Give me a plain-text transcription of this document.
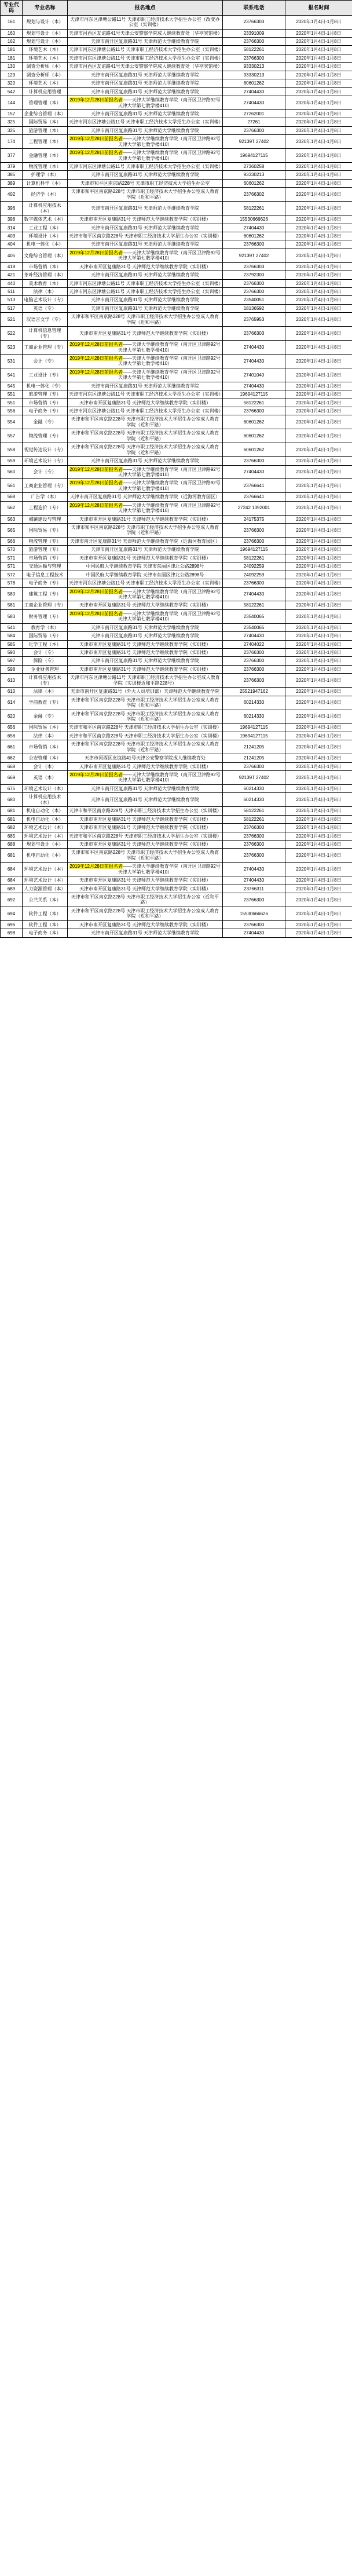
专业代码	专业名称	报名地点	联系电话	报名时间
161	规划与设计（本）	天津市河东区津塘公路11号 天津市职工经济技术大学招生办公室（改变办公室（实训楼）	23766303	2020年1月4日-1月8日
160	规划与设计（本）	天津市河西区友谊路41号天津公安警察学院成人继续教育处（华亭宾馆楼）	23391009	2020年1月4日-1月8日
162	规划与设计（本）	天津市南开区复康路31号 天津师范大学继续教育学院	23766300	2020年1月4日-1月8日
181	环境艺术（本）	天津市河东区津塘公路11号 天津市职工经济技术大学招生办公室（实训楼）	58122261	2020年1月4日-1月8日
181	环境艺术（本）	天津市河东区津塘公路11号 天津市职工经济技术大学招生办公室（实训楼）	23766300	2020年1月4日-1月8日
130	调查分析师（本）	天津市河西区友谊路41号天津公安警察学院成人继续教育处（华亭宾馆楼）	93330213	2020年1月4日-1月8日
129	调查分析师（本）	天津市南开区复康路31号 天津师范大学继续教育学院	93330213	2020年1月4日-1月8日
320	环境艺术（本）	天津市南开区复康路31号 天津师范大学继续教育学院	60601262	2020年1月4日-1月8日
542	计算机应用管理	天津市南开区复康路31号 天津师范大学继续教育学院	27404430	2020年1月4日-1月8日
144	管理管理（本）	2019年12月28日前报名者——天津大学继续教育学院（南开区卫津路92号天津大学第七教学楼410）	27404430	2020年1月4日-1月8日
157	企业综合管理（本）	天津市南开区复康路31号 天津师范大学继续教育学院	27262001	2020年1月4日-1月8日
325	国际贸易（本）	天津市河东区津塘公路11号 天津市职工经济技术大学招生办公室（实训楼）	27261	2020年1月4日-1月8日
325	旅游管理（本）	天津市南开区复康路31号 天津师范大学继续教育学院	23766300	2020年1月4日-1月8日
174	工程管理（本）	2019年12月28日前报名者——天津大学继续教育学院（南开区卫津路92号天津大学第七教学楼410）	92139T 27402	2020年1月4日-1月8日
377	金融管理（本）	2019年12月28日前报名者——天津大学继续教育学院（南开区卫津路92号天津大学第七教学楼410）	19694127115	2020年1月4日-1月8日
379	物流管理（本）	天津市河东区津塘公路11号 天津市职工经济技术大学招生办公室（实训楼）	27360258	2020年1月4日-1月8日
385	护理学（本）	天津市南开区复康路31号 天津师范大学继续教育学院	93330213	2020年1月4日-1月8日
389	计算机科学（本）	天津市和平区南京路228号 天津市职工经济技术大学招生办公室	60601262	2020年1月4日-1月8日
402	经济学（本）	天津市和平区南京路228号 天津市职工经济技术大学招生办公室成人教育学院（近和平路）	23766302	2020年1月4日-1月8日
396	计算机应用技术（本）	天津市南开区复康路31号 天津师范大学继续教育学院	58122261	2020年1月4日-1月8日
398	数字媒体艺术（本）	天津市南开区复康路31号 天津师范大学继续教育学院（实训楼）	15530666626	2020年1月4日-1月8日
314	工业工程（本）	天津市南开区复康路31号 天津师范大学继续教育学院	27404430	2020年1月4日-1月8日
403	环境设计（本）	天津市和平区南京路228号 天津市职工经济技术大学招生办公室（实训楼）	60601262	2020年1月4日-1月8日
404	机电一体化（本）	天津市南开区复康路31号 天津师范大学继续教育学院	23766300	2020年1月4日-1月8日
405	文秘综合管理（本）	2019年12月28日前报名者——天津大学继续教育学院（南开区卫津路92号天津大学第七教学楼410）	92139T 27402	2020年1月4日-1月8日
418	市场营销（本）	天津市南开区复康路31号 天津师范大学继续教育学院（实训楼）	23766303	2020年1月4日-1月8日
421	茶叶经济管理（本）	天津市南开区复康路31号 天津师范大学继续教育学院	23792300	2020年1月4日-1月8日
440	美术教育（本）	天津市河东区津塘公路11号 天津市职工经济技术大学招生办公室（实训楼）	23766300	2020年1月4日-1月8日
511	法律（本）	天津市河东区津塘公路11号 天津市职工经济技术大学招生办公室（实训楼）	23766300	2020年1月4日-1月8日
513	电脑艺术设计（专）	天津市南开区复康路31号 天津师范大学继续教育学院	23540051	2020年1月4日-1月8日
517	英语（专）	天津市南开区复康路31号 天津师范大学继续教育学院	18136592	2020年1月4日-1月8日
521	汉语言文学（专）	天津市和平区南京路228号 天津市职工经济技术大学招生办公室成人教育学院（近和平路）	23765953	2020年1月4日-1月8日
522	计算机信息管理（专）	天津市南开区复康路31号 天津师范大学继续教育学院（实训楼）	23766303	2020年1月4日-1月8日
523	工商企业管理（专）	2019年12月28日前报名者——天津大学继续教育学院（南开区卫津路92号天津大学第七教学楼410）	27404430	2020年1月4日-1月8日
531	会计（专）	2019年12月28日前报名者——天津大学继续教育学院（南开区卫津路92号天津大学第七教学楼410）	27404430	2020年1月4日-1月8日
541	工业设计（专）	2019年12月28日前报名者——天津大学继续教育学院（南开区卫津路92号天津大学第七教学楼410）	27401040	2020年1月4日-1月8日
545	机电一体化（专）	天津市南开区复康路31号 天津师范大学继续教育学院	27404430	2020年1月4日-1月8日
551	旅游管理（专）	天津市河东区津塘公路11号 天津市职工经济技术大学招生办公室（实训楼）	19694127115	2020年1月4日-1月8日
551	市场营销（专）	天津市南开区复康路31号 天津师范大学继续教育学院（实训楼）	58122261	2020年1月4日-1月8日
556	电子商务（专）	天津市河东区津塘公路11号 天津市职工经济技术大学招生办公室（实训楼）	23766300	2020年1月4日-1月8日
554	金融（专）	天津市和平区南京路228号 天津市职工经济技术大学招生办公室成人教育学院（近和平路）	60601262	2020年1月4日-1月8日
557	物流管理（专）	天津市和平区南京路228号 天津市职工经济技术大学招生办公室成人教育学院（近和平路）	60601262	2020年1月4日-1月8日
558	视觉传达设计（专）	天津市和平区南京路228号 天津市职工经济技术大学招生办公室成人教育学院（近和平路）	60601262	2020年1月4日-1月8日
559	环境艺术设计（专）	天津市南开区复康路31号 天津师范大学继续教育学院	23766300	2020年1月4日-1月8日
560	会计（专）	2019年12月28日前报名者——天津大学继续教育学院（南开区卫津路92号天津大学第七教学楼410）	27404430	2020年1月4日-1月8日
561	工商企业管理（专）	2019年12月28日前报名者——天津大学继续教育学院（南开区卫津路92号天津大学第七教学楼410）	23766641	2020年1月4日-1月8日
568	广告学（本）	天津市南开区复康路31号 天津师范大学继续教育学院（近海河教育园区）	23766641	2020年1月4日-1月8日
562	工程造价（专）	2019年12月28日前报名者——天津大学继续教育学院（南开区卫津路92号天津大学第七教学楼410）	27242 1392001	2020年1月4日-1月8日
563	城镇建设与管理	天津市南开区复康路31号 天津师范大学继续教育学院（实训楼）	24175375	2020年1月4日-1月8日
565	国际贸易（专）	天津市和平区南京路228号 天津市职工经济技术大学招生办公室成人教育学院（近和平路）	23766300	2020年1月4日-1月8日
566	物流管理（专）	天津市南开区复康路31号 天津师范大学继续教育学院（近海河教育园区）	23766300	2020年1月4日-1月8日
570	旅游管理（专）	天津市南开区复康路31号 天津师范大学继续教育学院	19694127115	2020年1月4日-1月8日
571	市场营销（专）	天津市南开区复康路31号 天津师范大学继续教育学院（实训楼）	58122261	2020年1月4日-1月8日
571	交通运输与管理	中国民航大学继续教育学院 天津市东丽区津北公路2898号	24092259	2020年1月4日-1月8日
572	电子信息工程技术	中国民航大学继续教育学院 天津市东丽区津北公路2898号	24092259	2020年1月4日-1月8日
578	电子商务（专）	天津市河东区津塘公路11号 天津市职工经济技术大学招生办公室（实训楼）	23766300	2020年1月4日-1月8日
580	建筑工程（专）	2019年12月28日前报名者——天津大学继续教育学院（南开区卫津路92号天津大学第七教学楼410）	27404430	2020年1月4日-1月8日
581	工商企业管理（专）	天津市南开区复康路31号 天津师范大学继续教育学院（实训楼）	58122261	2020年1月4日-1月8日
583	财务管理（专）	2019年12月28日前报名者——天津大学继续教育学院（南开区卫津路92号天津大学第七教学楼410）	23540065	2020年1月4日-1月8日
541	教育学（本）	天津市南开区复康路31号 天津师范大学继续教育学院	23540065	2020年1月4日-1月8日
584	国际贸易（专）	天津市南开区复康路31号 天津师范大学继续教育学院	27404430	2020年1月4日-1月8日
585	化学工程（本）	天津市南开区复康路31号 天津师范大学继续教育学院（实训楼）	27404022	2020年1月4日-1月8日
590	会计（专）	天津市南开区复康路31号 天津师范大学继续教育学院（实训楼）	23766300	2020年1月4日-1月8日
597	保险（专）	天津市南开区复康路31号 天津师范大学继续教育学院	23766300	2020年1月4日-1月8日
598	企业财务管理	天津市南开区复康路31号 天津师范大学继续教育学院（实训楼）	23766300	2020年1月4日-1月8日
610	计算机应用技术（专）	天津市河东区津塘公路11号 天津市职工经济技术大学招生办公室成人教育学院（实训楼近和平路228号）	23766303	2020年1月4日-1月8日
610	法律（本）	天津市南开区复康路31号（外大人员培训部）天津师范大学继续教育学院	25521947162	2020年1月4日-1月8日
614	学前教育（专）	天津市和平区南京路228号 天津市职工经济技术大学招生办公室成人教育学院（近和平路）	60214330	2020年1月4日-1月8日
620	金融（专）	天津市和平区南京路228号 天津市职工经济技术大学招生办公室成人教育学院（近和平路）	60214330	2020年1月4日-1月8日
656	国际贸易（本）	天津市和平区南京路228号 天津市职工经济技术大学招生办公室（实训楼）	19694127115	2020年1月4日-1月8日
656	法律（本）	天津市和平区南京路228号 天津市职工经济技术大学招生办公室（实训楼）	19694127115	2020年1月4日-1月8日
661	市场营销（本）	天津市和平区南京路228号 天津市职工经济技术大学招生办公室成人教育学院（近和平路）	21241205	2020年1月4日-1月8日
662	公安管理（本）	天津市河西区友谊路41号天津公安警察学院成人继续教育处	21241205	2020年1月4日-1月8日
668	会计（本）	天津市南开区复康路31号 天津师范大学继续教育学院（实训楼）	23766300	2020年1月4日-1月8日
669	英语（本）	2019年12月28日前报名者——天津大学继续教育学院（南开区卫津路92号天津大学第七教学楼410）	92139T 27402	2020年1月4日-1月8日
675	环境艺术设计（本）	天津市南开区复康路31号 天津师范大学继续教育学院	60214330	2020年1月4日-1月8日
680	计算机应用技术（本）	天津市南开区复康路31号 天津师范大学继续教育学院	60214330	2020年1月4日-1月8日
681	机电自动化（本）	天津市和平区南京路228号 天津市职工经济技术大学招生办公室（实训楼）	58122261	2020年1月4日-1月8日
681	机电自动化（本）	天津市南开区复康路31号 天津师范大学继续教育学院（实训楼）	58122261	2020年1月4日-1月8日
682	环境艺术设计（本）	天津市南开区复康路31号 天津师范大学继续教育学院（实训楼）	23766300	2020年1月4日-1月8日
685	环境艺术设计（本）	天津市和平区南京路228号 天津市职工经济技术大学招生办公室（实训楼）	23766300	2020年1月4日-1月8日
688	规划与设计（本）	天津市南开区复康路31号 天津师范大学继续教育学院（实训楼）	23766300	2020年1月4日-1月8日
681	机电自动化（本）	天津市和平区南京路228号 天津市职工经济技术大学招生办公室成人教育学院（近和平路）	23766300	2020年1月4日-1月8日
684	环境艺术设计（本）	2019年12月28日前报名者——天津大学继续教育学院（南开区卫津路92号天津大学第七教学楼410）	27404430	2020年1月4日-1月8日
684	环境艺术设计（本）	天津市南开区复康路31号 天津师范大学继续教育学院（实训楼）	27404430	2020年1月4日-1月8日
689	人力资源管理（本）	天津市南开区复康路31号 天津师范大学继续教育学院（实训楼）	23766311	2020年1月4日-1月8日
692	公共关系（本）	天津市和平区南京路228号 天津市职工经济技术大学招生办公室（近和平路）	23766300	2020年1月4日-1月8日
694	软件工程（本）	天津市和平区南京路228号 天津市职工经济技术大学招生办公室成人教育学院（近和平路）	15530666626	2020年1月4日-1月8日
696	软件工程（本）	天津市南开区复康路31号 天津师范大学继续教育学院（实训楼）	23766300	2020年1月4日-1月8日
698	电子商务（本）	天津市南开区复康路31号 天津师范大学继续教育学院	27404430	2020年1月4日-1月8日
